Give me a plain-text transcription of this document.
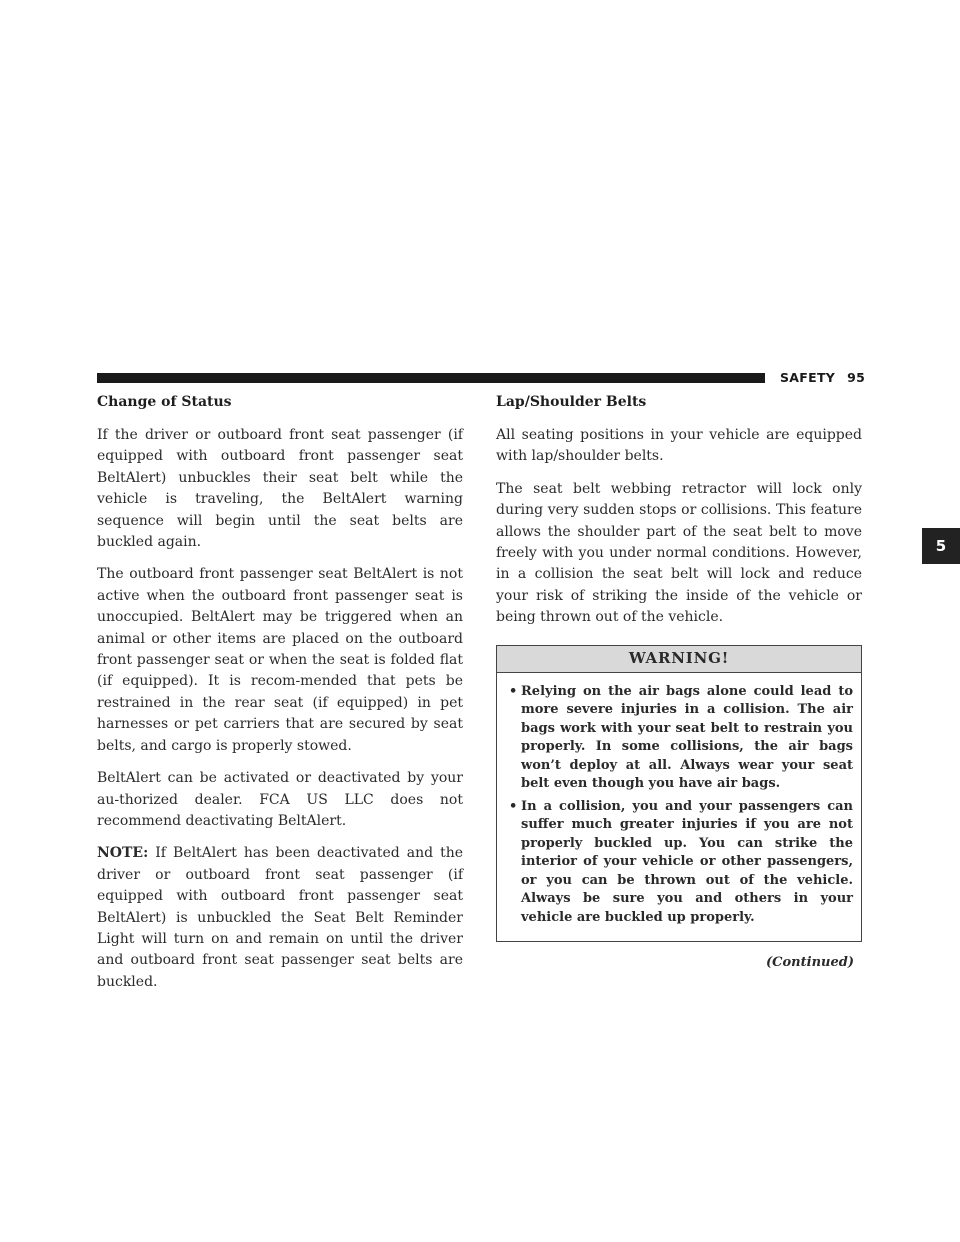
SAFETY 95
5
Change of Status

If the driver or outboard front seat passenger (if equipped with outboard front passenger seat BeltAlert) unbuckles their seat belt while the vehicle is traveling, the BeltAlert warning sequence will begin until the seat belts are buckled again.

The outboard front passenger seat BeltAlert is not active when the outboard front passenger seat is unoccupied. BeltAlert may be triggered when an animal or other items are placed on the outboard front passenger seat or when the seat is folded flat (if equipped). It is recom-mended that pets be restrained in the rear seat (if equipped) in pet harnesses or pet carriers that are secured by seat belts, and cargo is properly stowed.

BeltAlert can be activated or deactivated by your au-thorized dealer. FCA US LLC does not recommend deactivating BeltAlert.

NOTE: If BeltAlert has been deactivated and the driver or outboard front seat passenger (if equipped with outboard front passenger seat BeltAlert) is unbuckled the Seat Belt Reminder Light will turn on and remain on until the driver and outboard front seat passenger seat belts are buckled.

Lap/Shoulder Belts

All seating positions in your vehicle are equipped with lap/shoulder belts.

The seat belt webbing retractor will lock only during very sudden stops or collisions. This feature allows the shoulder part of the seat belt to move freely with you under normal conditions. However, in a collision the seat belt will lock and reduce your risk of striking the inside of the vehicle or being thrown out of the vehicle.

WARNING!
• Relying on the air bags alone could lead to more severe injuries in a collision. The air bags work with your seat belt to restrain you properly. In some collisions, the air bags won’t deploy at all. Always wear your seat belt even though you have air bags.
• In a collision, you and your passengers can suffer much greater injuries if you are not properly buckled up. You can strike the interior of your vehicle or other passengers, or you can be thrown out of the vehicle. Always be sure you and others in your vehicle are buckled up properly.
(Continued)
